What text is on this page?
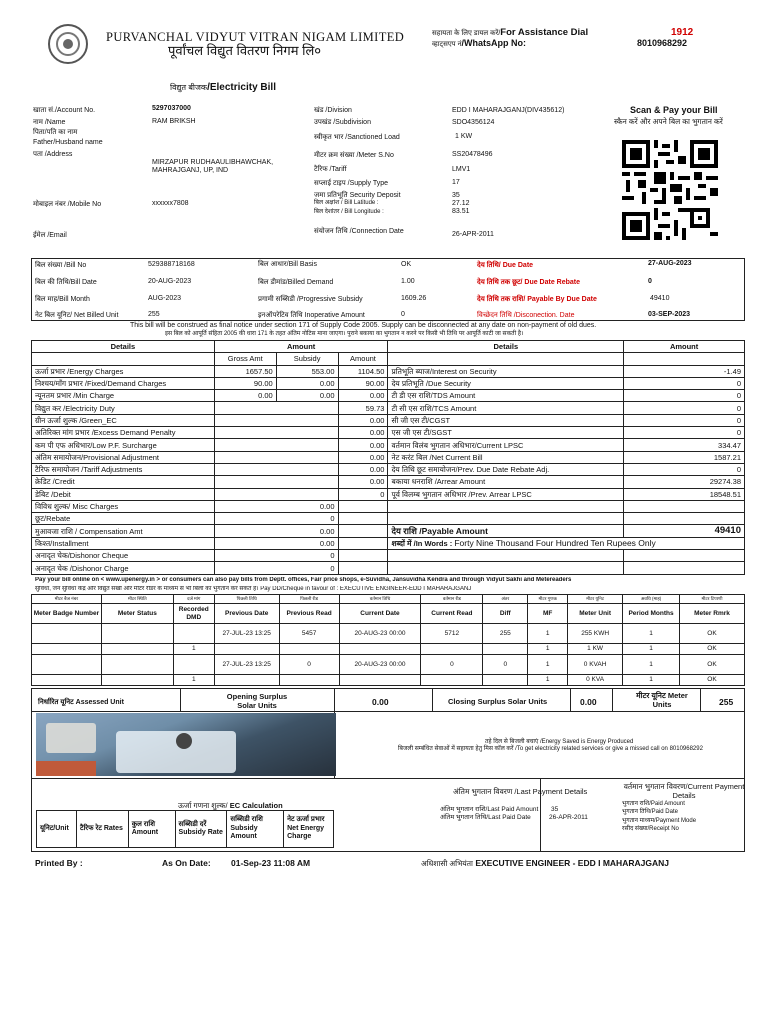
PURVANCHAL VIDYUT VITRAN NIGAM LIMITED
पूर्वांचल विद्युत वितरण निगम लि०
सहायता के लिए डायल करें/For Assistance Dial	1912
व्हाट्सएप नं/WhatsApp No:	8010968292
विद्युत बीजक/Electricity Bill
खाता सं./Account No.	5297037000
नाम /Name	RAM BRIKSH
पिता/पति का नाम
Father/Husband name
पता /Address
MIRZAPUR RUDHAAULIBHAWCHAK, MAHRAJGANJ, UP, IND
मोबाइल नंबर /Mobile No	xxxxxx7808
ईमेल /Email
खंड /Division	EDD I MAHARAJGANJ(DIV435612)
उपखंड /Subdivision	SDO4356124
स्वीकृत भार /Sanctioned Load	1 KW
मीटर क्रम संख्या /Meter S.No	SS20478496
टैरिफ /Tariff	LMV1
सप्लाई टाइप /Supply Type	17
जमा प्रतिभूति Security Deposit	35
बिल अक्षांश / Bill Latitude :	27.12
बिल देशांतर / Bill Longitude :	83.51
संयोजन तिथि /Connection Date	26-APR-2011
Scan & Pay your Bill
स्कैन करें और अपने बिल का भुगतान करें
बिल संख्या /Bill No	529388718168	बिल आधार/Bill Basis	OK	देय तिथि/ Due Date	27-AUG-2023
बिल की तिथि/Bill Date	20-AUG-2023	बिल डीमांड/Billed Demand	1.00	देय तिथि तक छूट/ Due Date Rebate	0
बिल माह/Bill Month	AUG-2023	प्रगामी सब्सिडी /Progressive Subsidy	1609.26	देय तिथि तक राशि/ Payable By Due Date	49410
नेट बिल यूनिट/ Net Billed Unit	255	इनऑपरेटिव तिथि Inoperative Amount	0	विच्छेदन तिथि /Disconection. Date	03-SEP-2023
This bill will be construed as final notice under section 171 of Supply Code 2005. Supply can be disconnected at any date on non-payment of old dues.
इस बिल को आपूर्ति संहिता 2005 की धारा 171 के तहत अंतिम नोटिस माना जाएगा। पुराने बकाया का भुगतान न करने पर किसी भी तिथि पर आपूर्ति काटी जा सकती है।
Details	Amount			Details	Amount
	Gross Amt	Subsidy	Amount		
ऊर्जा प्रभार /Energy Charges	1657.50	553.00	1104.50	प्रतिभूति ब्याज/Interest on Security	-1.49
निश्चय/माँग प्रभार /Fixed/Demand Charges	90.00	0.00	90.00	देय प्रतिभूति /Due Security	0
न्यूनतम प्रभार /Min Charge	0.00	0.00	0.00	टी डी एस राशि/TDS Amount	0
विद्युत कर /Electricity Duty			59.73	टी सी एस राशि/TCS Amount	0
ग्रीन ऊर्जा शुल्क /Green_EC			0.00	सी जी एस टी/CGST	0
अतिरिक्त मांग प्रभार /Excess Demand Penalty			0.00	एस जी एस टी/SGST	0
कम पी एफ अधिभार/Low P.F. Surcharge			0.00	वर्तमान विलंब भुगतान अधिभार/Current LPSC	334.47
अंतिम समायोजन/Provisional Adjustment			0.00	नेट करंट बिल /Net Current Bill	1587.21
टैरिफ समायोजन /Tariff Adjustments			0.00	देय तिथि छूट समायोजन/Prev. Due Date Rebate Adj.	0
क्रेडिट /Credit			0.00	बकाया धनराशि /Arrear Amount	29274.38
डेबिट /Debit			0	पूर्व विलम्ब भुगतान अधिभार /Prev. Arrear LPSC	18548.51
विविध शुल्क/ Misc Charges	0.00				
छूट/Rebate	0				
मुआवजा राशि / Compensation Amt	0.00			देय राशि /Payable Amount	49410
किश्त/Installment	0.00			शब्दों में /In Words : Forty Nine Thousand Four Hundred Ten Rupees Only	
अनादृत चेक/Dishonor Cheque	0				
अनादृत चेक /Dishonor Charge	0				
Pay your bill online on < www.upenergy.in > or consumers can also pay bills from Deptt. offices, Fair price shops, e-Suvidha, Jansuvidha Kendra and through Vidyut Sakhi and Metereaders
सुविधा, जन सुविधा केंद्र और विद्युत सखी और मीटर रीडर के माध्यम से भी बिलों का भुगतान कर सकते हैं। Pay DD/Cheque in favour of : EXECUTIVE ENGINEER-EDD I MAHARAJGANJ
मीटर बैज नंबर	मीटर स्थिति	दर्ज मांग	पिछली तिथि	पिछली रीड	वर्तमान तिथि	वर्तमान रीड	अंतर	मीटर गुणक	मीटर यूनिट	अवधि (माह)	मीटर टिप्पणी
Meter Badge Number	Meter Status	Recorded DMD	Previous Date	Previous Read	Current Date	Current Read	Diff	MF	Meter Unit	Period Months	Meter Rmrk
			27-JUL-23 13:25	5457	20-AUG-23 00:00	5712	255	1	255 KWH	1	OK
		1						1	1 KW	1	OK
			27-JUL-23 13:25	0	20-AUG-23 00:00	0	0	1	0 KVAH	1	OK
		1						1	0 KVA	1	OK
निर्धारित यूनिट Assessed Unit
Opening Surplus Solar Units	0.00	Closing Surplus Solar Units	0.00
मीटर यूनिट Meter Units	255
तहे दिल से बिजली बचाएं /Energy Saved is Energy Produced
बिजली सम्बंधित सेवाओं में सहायता हेतु मिस कॉल करें /To get electricity related services or give a missed call on 8010968292
अंतिम भुगतान विवरण /Last Payment Details
अंतिम भुगतान राशि/Last Paid Amount 35
अंतिम भुगतान तिथि/Last Paid Date	26-APR-2011
वर्तमान भुगतान विवरण/Current Payment Details
भुगतान राशि/Paid Amount
भुगतान तिथि/Paid Date
भुगतान माध्यम/Payment Mode
रसीद संख्या/Receipt No
ऊर्जा गणना शुल्क/ EC Calculation
यूनिट/Unit	टैरिफ रेट Rates	कुल राशि Amount	सब्सिडी दरें Subsidy Rate	सब्सिडी राशि Subsidy Amount	नेट ऊर्जा प्रभार Net Energy Charge
Printed By :	As On Date: 01-Sep-23 11:08 AM	अधिशासी अभियंता EXECUTIVE ENGINEER - EDD I MAHARAJGANJ
